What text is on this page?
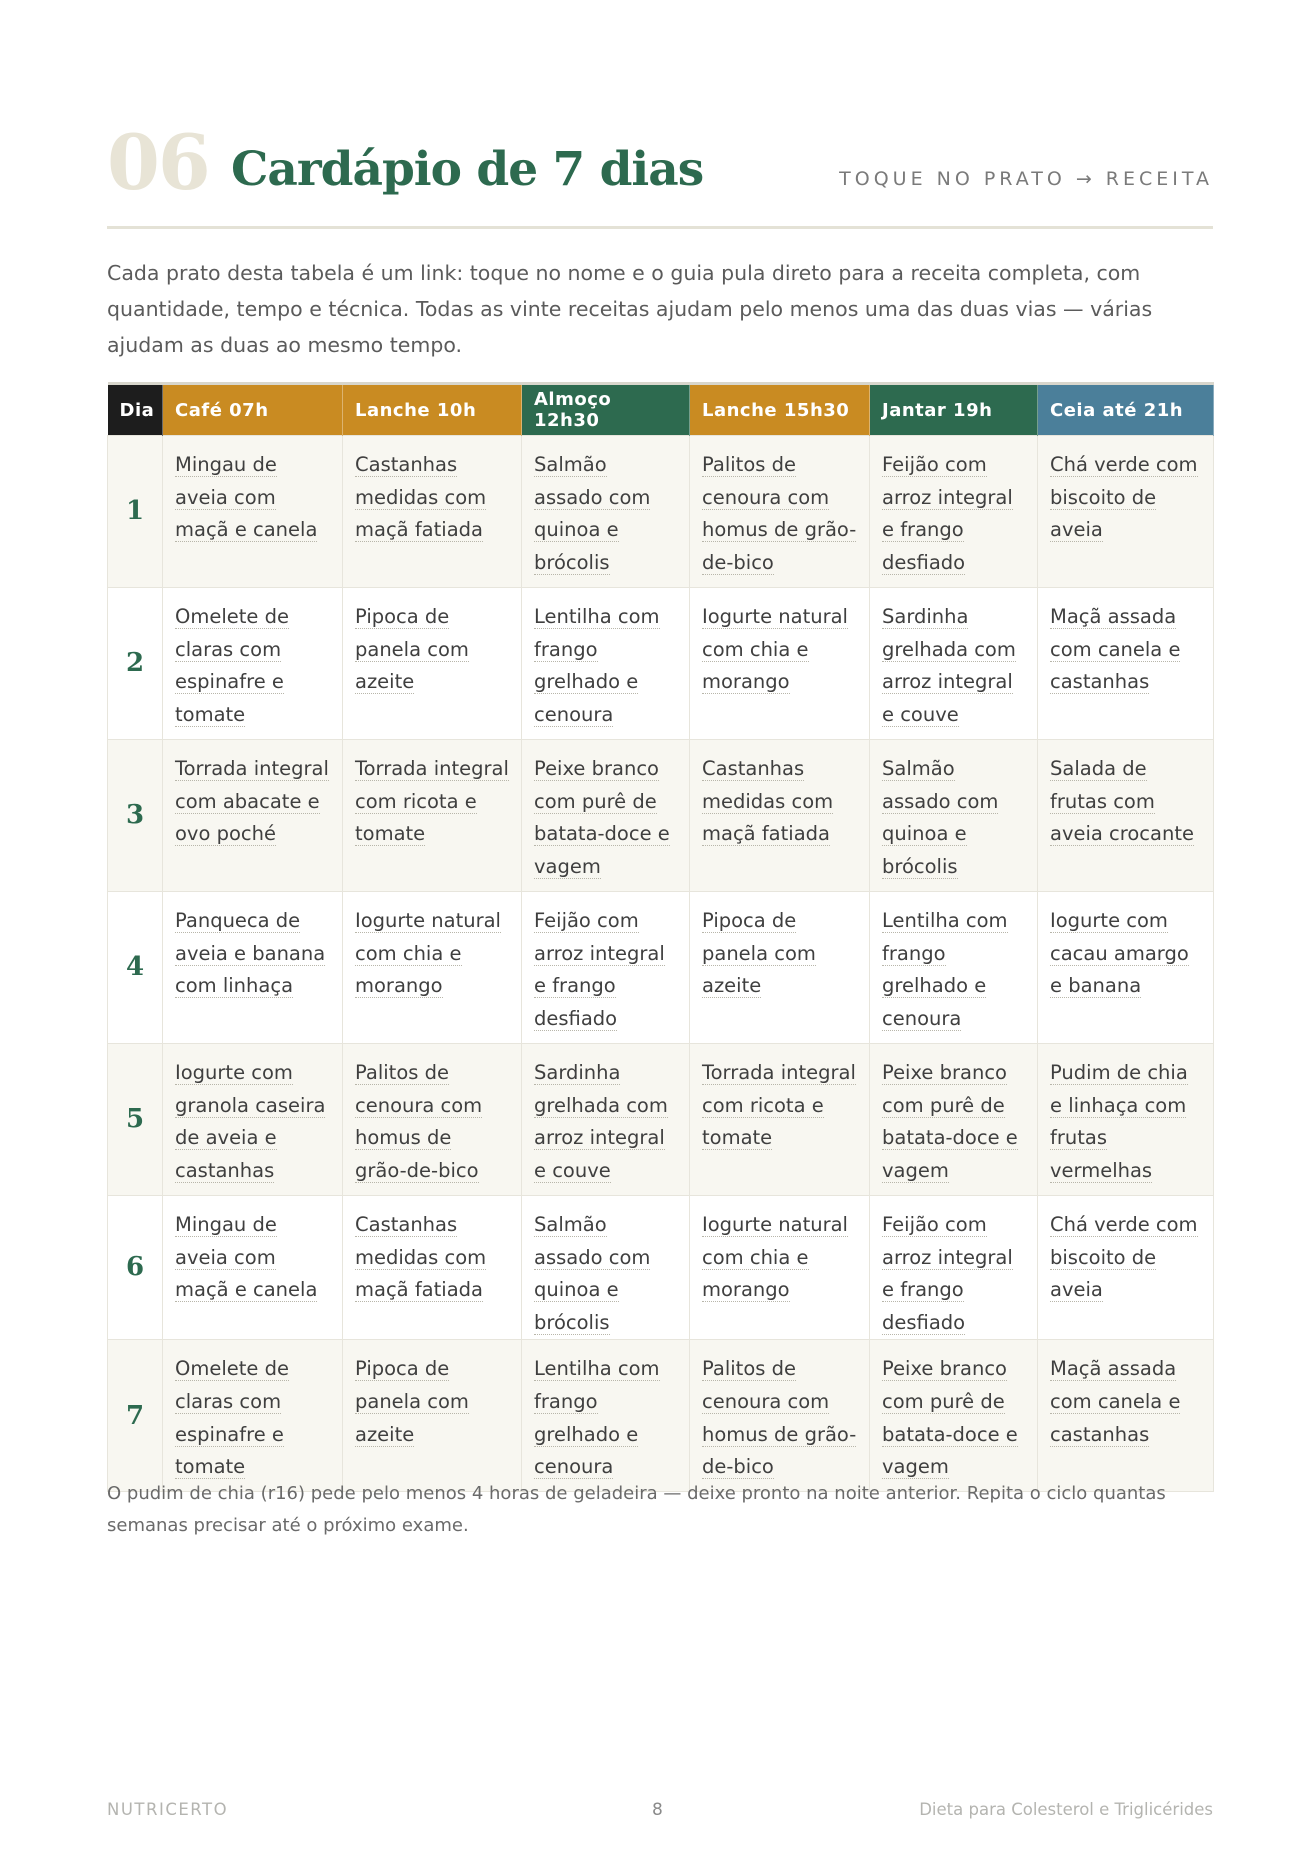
06 Cardápio de 7 dias	TOQUE NO PRATO → RECEITA

Cada prato desta tabela é um link: toque no nome e o guia pula direto para a receita completa, com quantidade, tempo e técnica. Todas as vinte receitas ajudam pelo menos uma das duas vias — várias ajudam as duas ao mesmo tempo.

Dia	Café 07h	Lanche 10h	Almoço 12h30	Lanche 15h30	Jantar 19h	Ceia até 21h
1	Mingau de aveia com maçã e canela	Castanhas medidas com maçã fatiada	Salmão assado com quinoa e brócolis	Palitos de cenoura com homus de grão-de-bico	Feijão com arroz integral e frango desfiado	Chá verde com biscoito de aveia
2	Omelete de claras com espinafre e tomate	Pipoca de panela com azeite	Lentilha com frango grelhado e cenoura	Iogurte natural com chia e morango	Sardinha grelhada com arroz integral e couve	Maçã assada com canela e castanhas
3	Torrada integral com abacate e ovo poché	Torrada integral com ricota e tomate	Peixe branco com purê de batata-doce e vagem	Castanhas medidas com maçã fatiada	Salmão assado com quinoa e brócolis	Salada de frutas com aveia crocante
4	Panqueca de aveia e banana com linhaça	Iogurte natural com chia e morango	Feijão com arroz integral e frango desfiado	Pipoca de panela com azeite	Lentilha com frango grelhado e cenoura	Iogurte com cacau amargo e banana
5	Iogurte com granola caseira de aveia e castanhas	Palitos de cenoura com homus de grão-de-bico	Sardinha grelhada com arroz integral e couve	Torrada integral com ricota e tomate	Peixe branco com purê de batata-doce e vagem	Pudim de chia e linhaça com frutas vermelhas
6	Mingau de aveia com maçã e canela	Castanhas medidas com maçã fatiada	Salmão assado com quinoa e brócolis	Iogurte natural com chia e morango	Feijão com arroz integral e frango desfiado	Chá verde com biscoito de aveia
7	Omelete de claras com espinafre e tomate	Pipoca de panela com azeite	Lentilha com frango grelhado e cenoura	Palitos de cenoura com homus de grão-de-bico	Peixe branco com purê de batata-doce e vagem	Maçã assada com canela e castanhas

O pudim de chia (r16) pede pelo menos 4 horas de geladeira — deixe pronto na noite anterior. Repita o ciclo quantas semanas precisar até o próximo exame.

NUTRICERTO	8	Dieta para Colesterol e Triglicérides
